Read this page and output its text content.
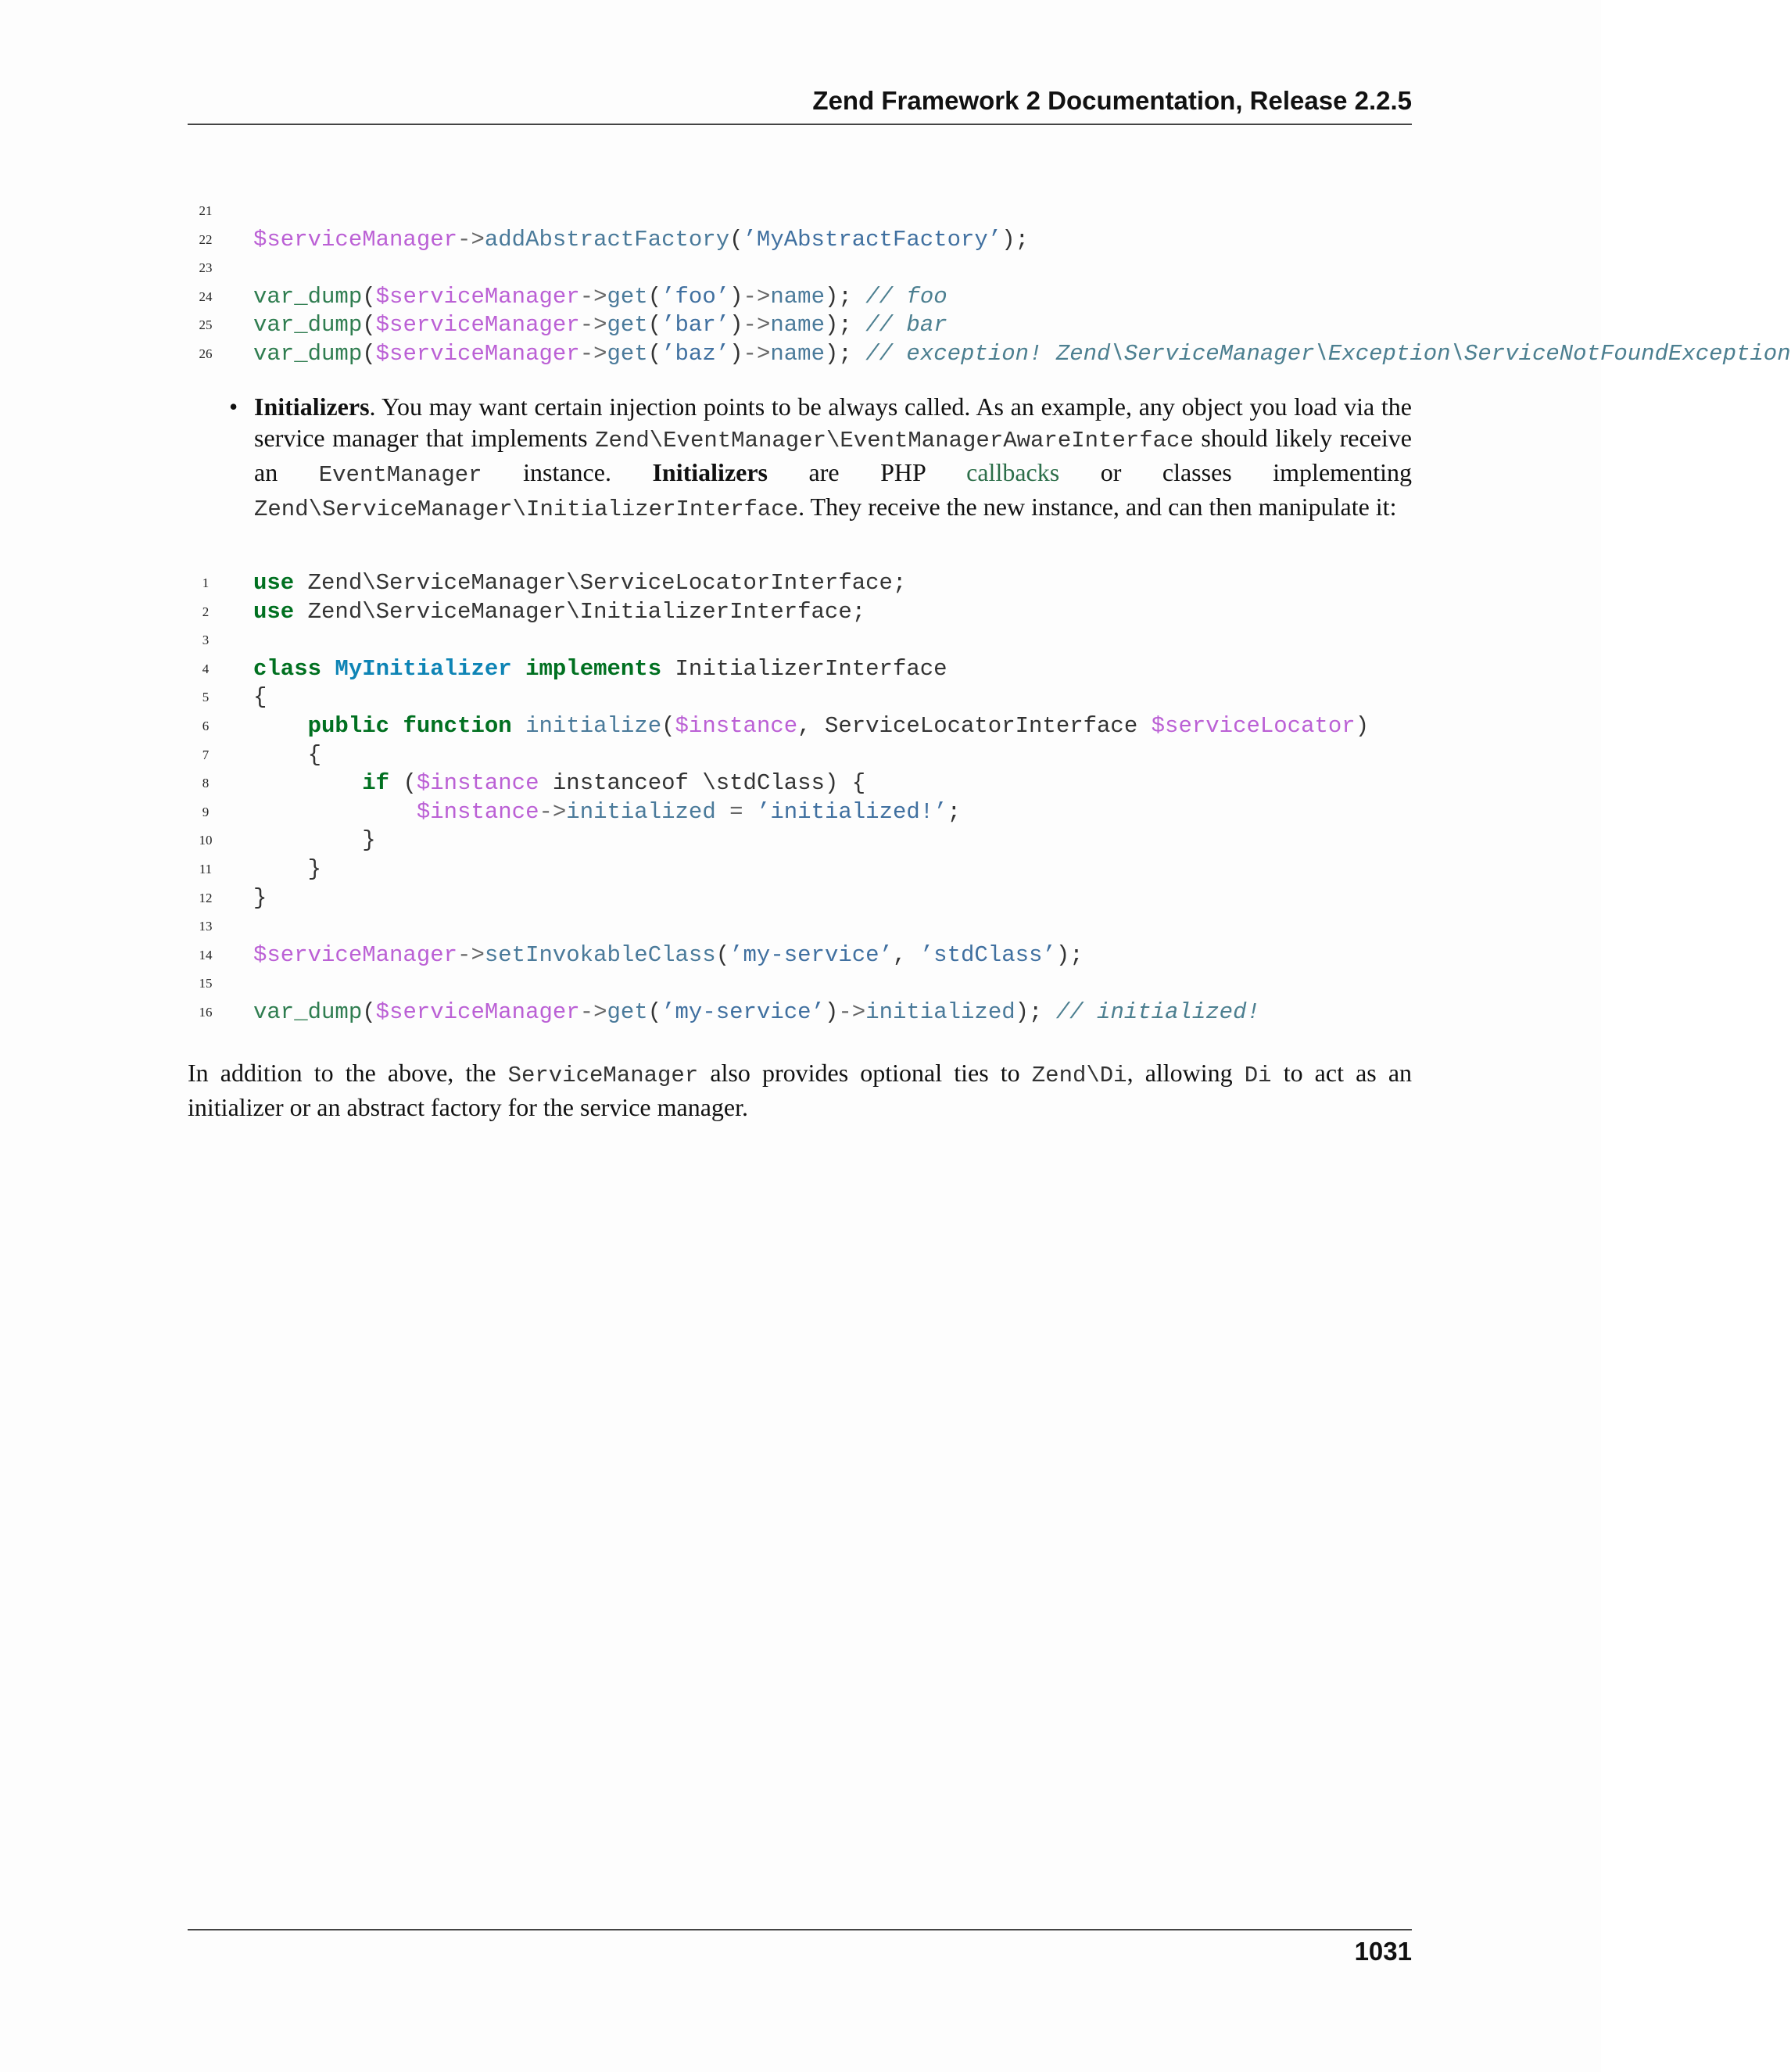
Zend Framework 2 Documentation, Release 2.2.5

21

22

	$serviceManager->addAbstractFactory(’MyAbstractFactory’);

23

24

	var_dump($serviceManager->get(’foo’)->name); // foo

25

	var_dump($serviceManager->get(’bar’)->name); // bar

26

	var_dump($serviceManager->get(’baz’)->name); // exception! Zend\ServiceManager\Exception\ServiceNotFoundException

• Initializers. You may want certain injection points to be always called. As an example, any object you load via the service manager that implements Zend\EventManager\EventManagerAwareInterface should likely receive an EventManager instance. Initializers are PHP callbacks or classes implementing Zend\ServiceManager\InitializerInterface. They receive the new instance, and can then manipulate it:

1

	use Zend\ServiceManager\ServiceLocatorInterface;

2

	use Zend\ServiceManager\InitializerInterface;

3

4

	class MyInitializer implements InitializerInterface

5

	{

6

	public function initialize($instance, ServiceLocatorInterface $serviceLocator)

7

	{

8

	if ($instance instanceof \stdClass) {

9

	$instance->initialized = ’initialized!’;

10

	}

11

	}

12

	}

13

14

	$serviceManager->setInvokableClass(’my-service’, ’stdClass’);

15

16

	var_dump($serviceManager->get(’my-service’)->initialized); // initialized!

In addition to the above, the ServiceManager also provides optional ties to Zend\Di, allowing Di to act as an initializer or an abstract factory for the service manager.
1031
